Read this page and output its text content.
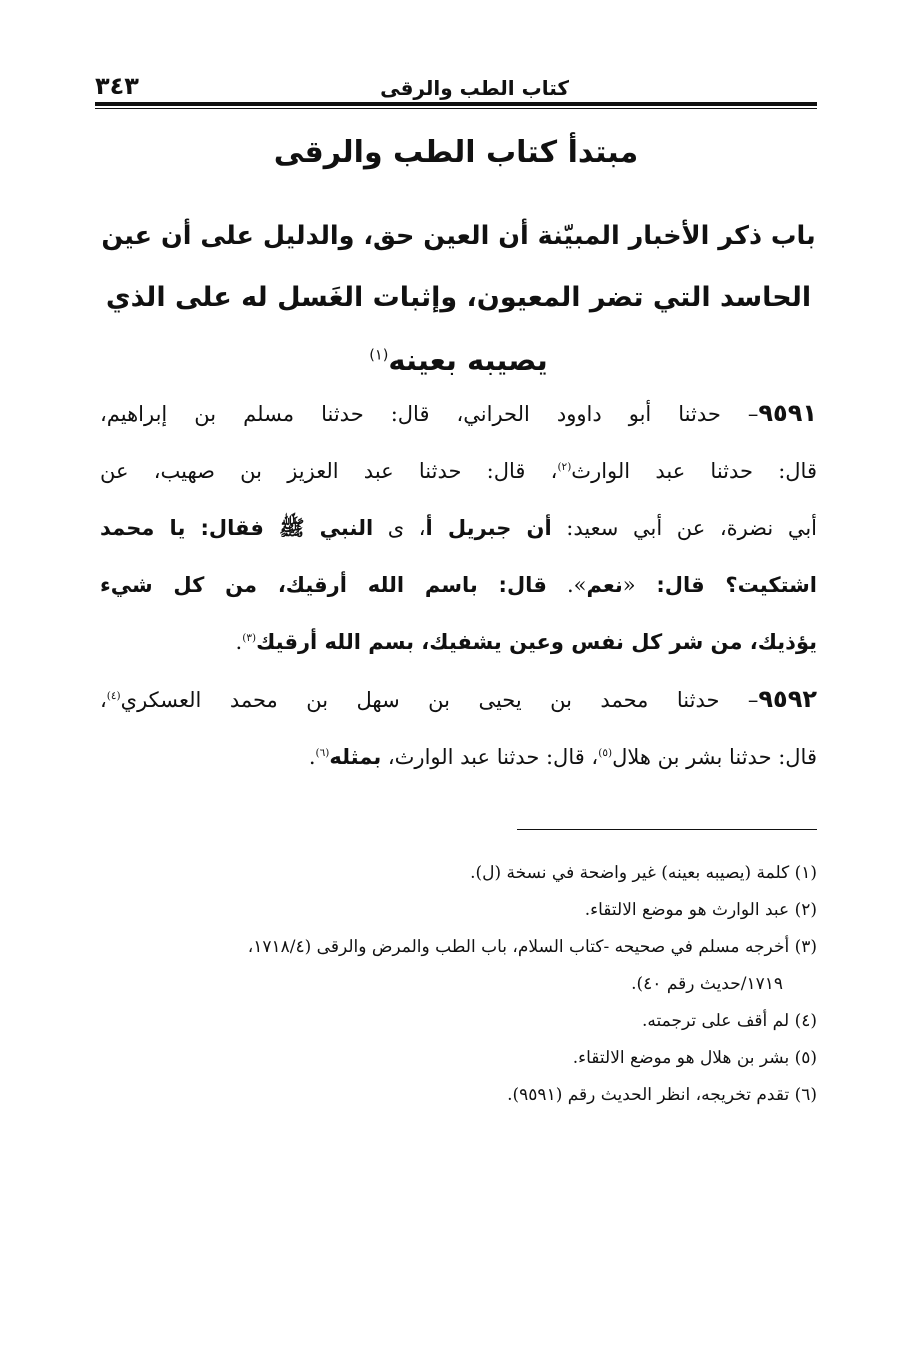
كتاب الطب والرقى
٣٤٣
مبتدأ كتاب الطب والرقى
باب ذكر الأخبار المبيّنة أن العين حق، والدليل على أن عين
الحاسد التي تضر المعيون، وإثبات الغَسل له على الذي
يصيبه بعينه$^{(١)}$
٩٥٩١– حدثنا أبو داوود الحراني، قال: حدثنا مسلم بن إبراهيم،
قال: حدثنا عبد الوارث$^{(٢)}$، قال: حدثنا عبد العزيز بن صهيب، عن
أبي نضرة، عن أبي سعيد: أن جبريل أ، ى النبي ﷺ فقال: يا محمد
اشتكيت؟ قال: «نعم». قال: باسم الله أرقيك، من كل شيء
يؤذيك، من شر كل نفس وعين يشفيك، بسم الله أرقيك$^{(٣)}$.
٩٥٩٢– حدثنا محمد بن يحيى بن سهل بن محمد العسكري$^{(٤)}$،
قال: حدثنا بشر بن هلال$^{(٥)}$، قال: حدثنا عبد الوارث، بمثله$^{(٦)}$.
(١) كلمة (يصيبه بعينه) غير واضحة في نسخة (ل).
(٢) عبد الوارث هو موضع الالتقاء.
(٣) أخرجه مسلم في صحيحه -كتاب السلام، باب الطب والمرض والرقى (١٧١٨/٤،
١٧١٩/حديث رقم ٤٠).
(٤) لم أقف على ترجمته.
(٥) بشر بن هلال هو موضع الالتقاء.
(٦) تقدم تخريجه، انظر الحديث رقم (٩٥٩١).
